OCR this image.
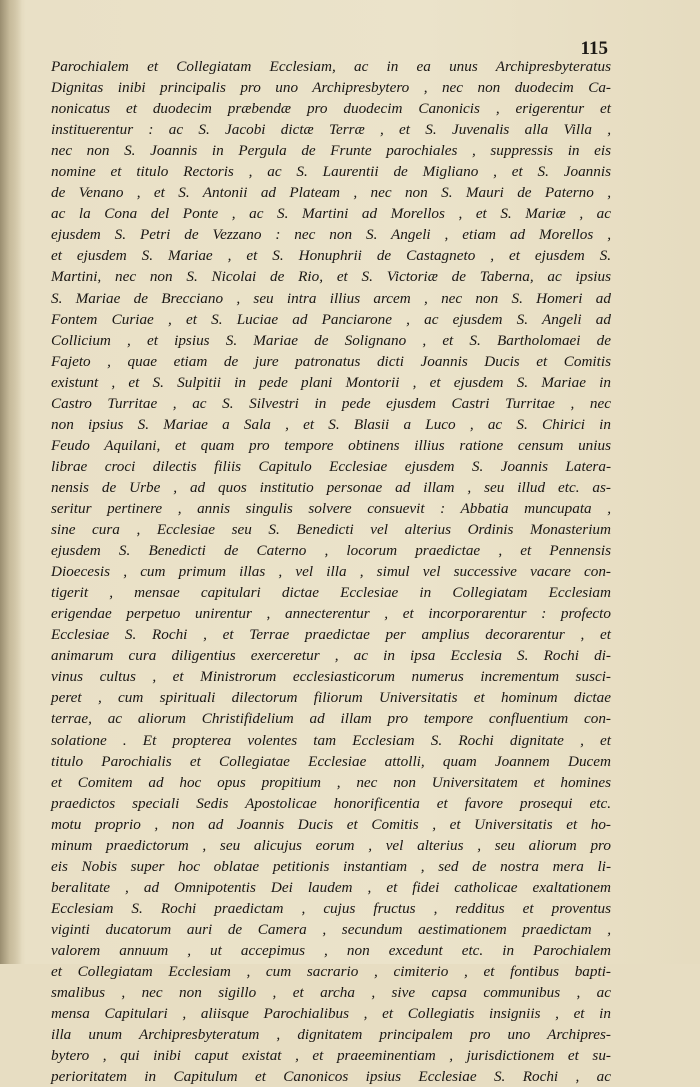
115
Parochialem et Collegiatam Ecclesiam, ac in ea unus Archipresbyteratus
Dignitas inibi principalis pro uno Archipresbytero , nec non duodecim Ca-
nonicatus et duodecim præbendæ pro duodecim Canonicis , erigerentur et
instituerentur : ac S. Jacobi dictæ Terræ , et S. Juvenalis alla Villa ,
nec non S. Joannis in Pergula de Frunte parochiales , suppressis in eis
nomine et titulo Rectoris , ac S. Laurentii de Migliano , et S. Joannis
de Venano , et S. Antonii ad Plateam , nec non S. Mauri de Paterno ,
ac la Cona del Ponte , ac S. Martini ad Morellos , et S. Mariæ , ac
ejusdem S. Petri de Vezzano : nec non S. Angeli , etiam ad Morellos ,
et ejusdem S. Mariae , et S. Honuphrii de Castagneto , et ejusdem S.
Martini, nec non S. Nicolai de Rio, et S. Victoriæ de Taberna, ac ipsius
S. Mariae de Brecciano , seu intra illius arcem , nec non S. Homeri ad
Fontem Curiae , et S. Luciae ad Panciarone , ac ejusdem S. Angeli ad
Collicium , et ipsius S. Mariae de Solignano , et S. Bartholomaei de
Fajeto , quae etiam de jure patronatus dicti Joannis Ducis et Comitis
existunt , et S. Sulpitii in pede plani Montorii , et ejusdem S. Mariae in
Castro Turritae , ac S. Silvestri in pede ejusdem Castri Turritae , nec
non ipsius S. Mariae a Sala , et S. Blasii a Luco , ac S. Chirici in
Feudo Aquilani, et quam pro tempore obtinens illius ratione censum unius
librae croci dilectis filiis Capitulo Ecclesiae ejusdem S. Joannis Latera-
nensis de Urbe , ad quos institutio personae ad illam , seu illud etc. as-
seritur pertinere , annis singulis solvere consuevit : Abbatia muncupata ,
sine cura , Ecclesiae seu S. Benedicti vel alterius Ordinis Monasterium
ejusdem S. Benedicti de Caterno , locorum praedictae , et Pennensis
Dioecesis , cum primum illas , vel illa , simul vel successive vacare con-
tigerit , mensae capitulari dictae Ecclesiae in Collegiatam Ecclesiam
erigendae perpetuo unirentur , annecterentur , et incorporarentur : profecto
Ecclesiae S. Rochi , et Terrae praedictae per amplius decorarentur , et
animarum cura diligentius exerceretur , ac in ipsa Ecclesia S. Rochi di-
vinus cultus , et Ministrorum ecclesiasticorum numerus incrementum susci-
peret , cum spirituali dilectorum filiorum Universitatis et hominum dictae
terrae, ac aliorum Christifidelium ad illam pro tempore confluentium con-
solatione . Et propterea volentes tam Ecclesiam S. Rochi dignitate , et
titulo Parochialis et Collegiatae Ecclesiae attolli, quam Joannem Ducem
et Comitem ad hoc opus propitium , nec non Universitatem et homines
praedictos speciali Sedis Apostolicae honorificentia et favore prosequi etc.
motu proprio , non ad Joannis Ducis et Comitis , et Universitatis et ho-
minum praedictorum , seu alicujus eorum , vel alterius , seu aliorum pro
eis Nobis super hoc oblatae petitionis instantiam , sed de nostra mera li-
beralitate , ad Omnipotentis Dei laudem , et fidei catholicae exaltationem
Ecclesiam S. Rochi praedictam , cujus fructus , redditus et proventus
viginti ducatorum auri de Camera , secundum aestimationem praedictam ,
valorem annuum , ut accepimus , non excedunt etc. in Parochialem
et Collegiatam Ecclesiam , cum sacrario , cimiterio , et fontibus bapti-
smalibus , nec non sigillo , et archa , sive capsa communibus , ac
mensa Capitulari , aliisque Parochialibus , et Collegiatis insigniis , et in
illa unum Archipresbyteratum , dignitatem principalem pro uno Archipres-
bytero , qui inibi caput existat , et praeeminentiam , jurisdictionem et su-
perioritatem in Capitulum et Canonicos ipsius Ecclesiae S. Rochi , ac
